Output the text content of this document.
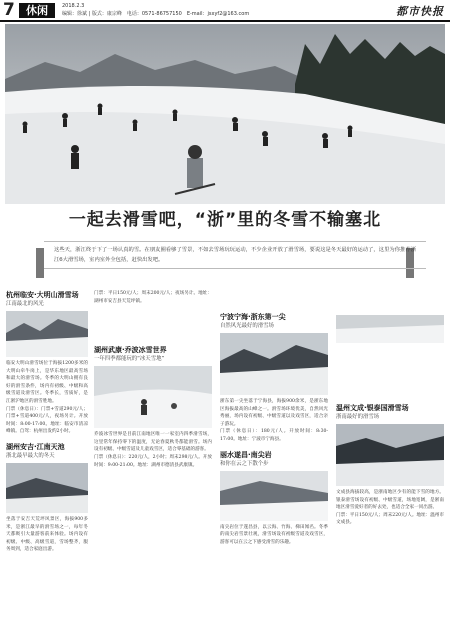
7	休闲	2018.2.3
编辑：徐斌 | 版式：康宗峰　电话：0571-86757150　E-mail：jsxyf2@163.com	都市快报
一起去滑雪吧，“浙”里的冬雪不输塞北
这些天，浙江终于下了一场认真的雪。在朋友圈看够了雪景，不如去雪场玩玩运动，不少企业开放了滑雪场，要说这是冬天最好的运动了，这里为你推荐浙江6大滑雪场，室内室外全包括，赶快出发吧。
杭州临安·大明山滑雪场
江南最北的风光
临安大明山滑雪场位于海拔1200多米的大明山牵牛岗上，是华东地区最高雪场和最大的滑雪场。冬季的大明山拥有良好的滑雪条件，场内有初级、中级和高级雪道及滑雪区。冬季长，雪质好，是江浙沪地区的滑雪胜地。
门票（休息日）：门票+雪道290元/人；门票+雪道400元/人，夜场另计。开放时间：8:00-17:00。地址：临安市清凉峰镇。自驾：杭州出发约2小时。
湖州安吉·江南天池
浙北最早最大的冬天
坐落于安吉天荒坪风景区，海拔900多米，是浙江最早的滑雪场之一，每年冬天都吸引大量游客前来体验。场内设有初级、中级、高级雪道，雪场整齐，服务周到，适合家庭出游。
门票：平日150元/人；周末200元/人；夜场另计。地址：湖州市安吉县天荒坪镇。
湖州武康·乔波冰雪世界
一年四季都能玩的“冰天雪地”
乔波冰雪世界是目前江南地区唯一一家室内四季滑雪场，这里常年保持零下的温度，无论春夏秋冬都能滑雪。场内设有初级、中级雪道及儿童戏雪区，适合零基础的游客。
门票（休息日）：220元/人，2小时；周末298元/人。开放时间：9:00-21:00。地址：湖州市德清县武康镇。
宁波宁海·浙东第一尖
自然风光最好的滑雪场
浙东第一尖坐落于宁海县，海拔900余米，是浙东地区海拔最高的山峰之一。滑雪场环境优美，自然风光秀丽，场内设有初级、中级雪道以及戏雪区，适合亲子游玩。
门票（休息日）：180元/人。开放时间：8:30-17:00。地址：宁波市宁海县。
丽水遂昌·南尖岩
和你在云之下散个步
南尖岩位于遂昌县，以云海、竹海、梯田闻名。冬季的南尖岩雪景壮观，滑雪场设有初级雪道及戏雪区，游客可以在云之下感受滑雪的乐趣。
温州文成·银泰国滑雪场
浙南最好的滑雪场
文成县海拔较高，是浙南地区少有的能下雪的地方。银泰滑雪场设有初级、中级雪道，场地宽阔，是浙南地区滑雪爱好者的好去处，也适合全家一同出游。
门票：平日150元/人；周末220元/人。地址：温州市文成县。
